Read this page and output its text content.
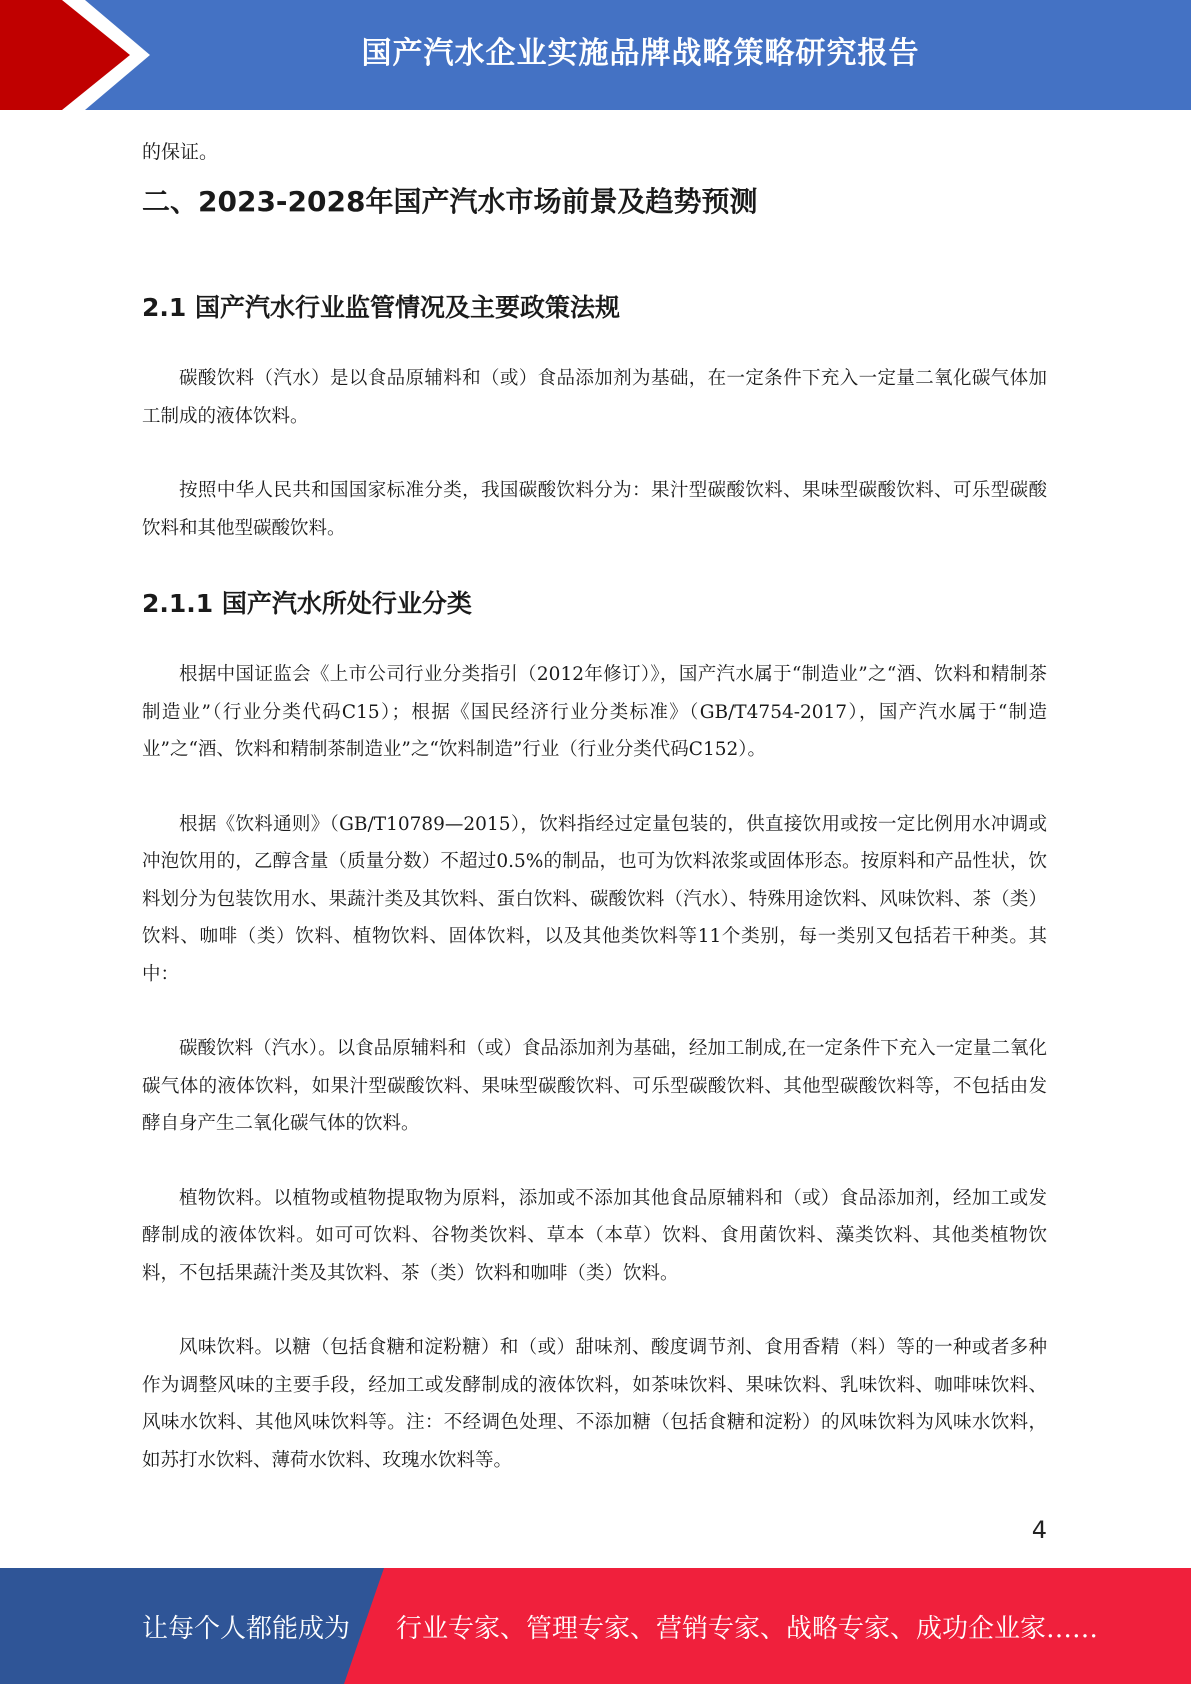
国产汽水企业实施品牌战略策略研究报告
的保证。
二、2023-2028年国产汽水市场前景及趋势预测
2.1 国产汽水行业监管情况及主要政策法规

碳酸饮料（汽水）是以食品原辅料和（或）食品添加剂为基础，在一定条件下充入一定量二氧化碳气体加工制成的液体饮料。

按照中华人民共和国国家标准分类，我国碳酸饮料分为：果汁型碳酸饮料、果味型碳酸饮料、可乐型碳酸饮料和其他型碳酸饮料。

2.1.1 国产汽水所处行业分类

根据中国证监会《上市公司行业分类指引（2012年修订）》，国产汽水属于“制造业”之“酒、饮料和精制茶制造业”（行业分类代码C15）；根据《国民经济行业分类标准》（GB/T4754-2017），国产汽水属于“制造业”之“酒、饮料和精制茶制造业”之“饮料制造”行业（行业分类代码C152）。

根据《饮料通则》（GB/T10789—2015），饮料指经过定量包装的，供直接饮用或按一定比例用水冲调或冲泡饮用的，乙醇含量（质量分数）不超过0.5%的制品，也可为饮料浓浆或固体形态。按原料和产品性状，饮料划分为包装饮用水、果蔬汁类及其饮料、蛋白饮料、碳酸饮料（汽水）、特殊用途饮料、风味饮料、茶（类）饮料、咖啡（类）饮料、植物饮料、固体饮料，以及其他类饮料等11个类别，每一类别又包括若干种类。其中：

碳酸饮料（汽水）。以食品原辅料和（或）食品添加剂为基础，经加工制成,在一定条件下充入一定量二氧化碳气体的液体饮料，如果汁型碳酸饮料、果味型碳酸饮料、可乐型碳酸饮料、其他型碳酸饮料等，不包括由发酵自身产生二氧化碳气体的饮料。

植物饮料。以植物或植物提取物为原料，添加或不添加其他食品原辅料和（或）食品添加剂，经加工或发酵制成的液体饮料。如可可饮料、谷物类饮料、草本（本草）饮料、食用菌饮料、藻类饮料、其他类植物饮料，不包括果蔬汁类及其饮料、茶（类）饮料和咖啡（类）饮料。

风味饮料。以糖（包括食糖和淀粉糖）和（或）甜味剂、酸度调节剂、食用香精（料）等的一种或者多种作为调整风味的主要手段，经加工或发酵制成的液体饮料，如茶味饮料、果味饮料、乳味饮料、咖啡味饮料、风味水饮料、其他风味饮料等。注：不经调色处理、不添加糖（包括食糖和淀粉）的风味饮料为风味水饮料，如苏打水饮料、薄荷水饮料、玫瑰水饮料等。

4
让每个人都能成为 行业专家、管理专家、营销专家、战略专家、成功企业家……
